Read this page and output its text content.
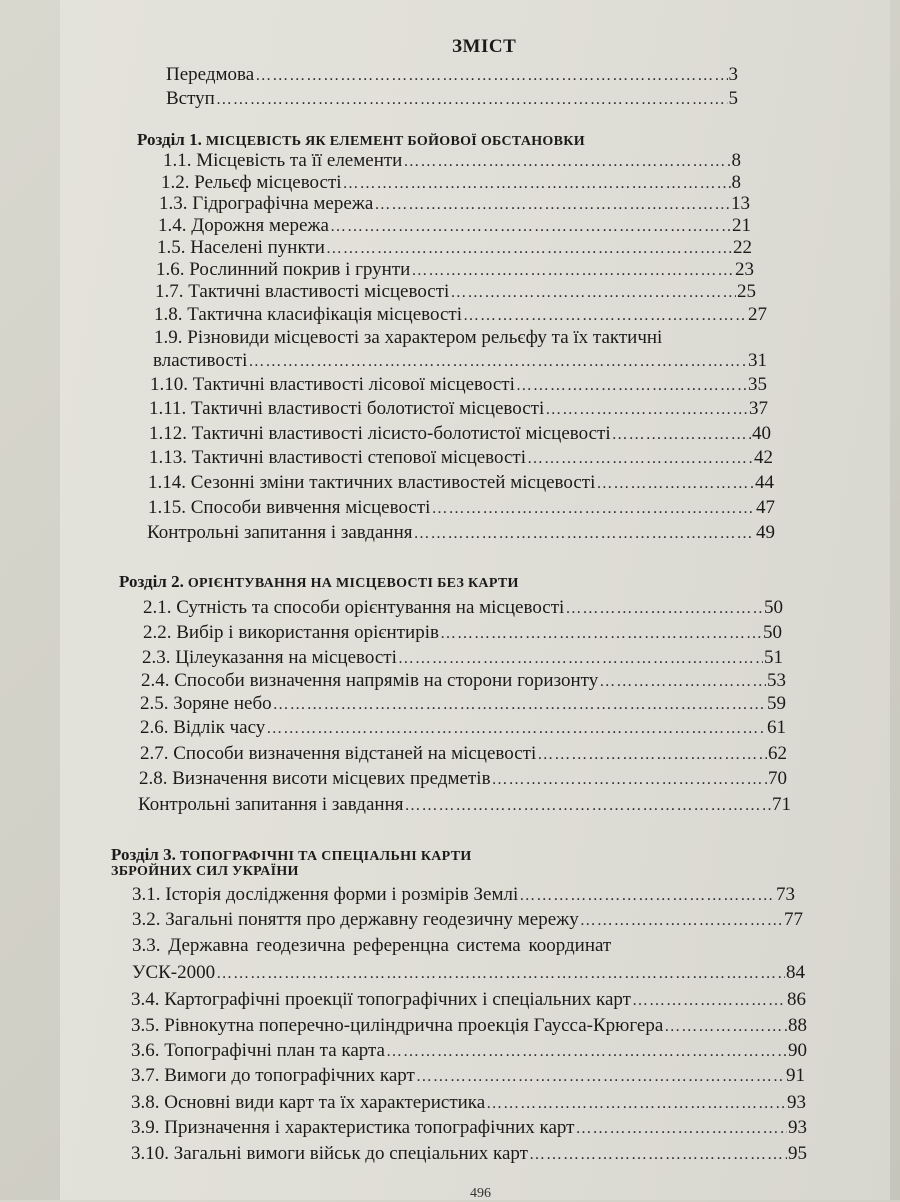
ЗМІСТ
Передмова ……………………………………………………………………………………………………………………………………………………………………………………	3
Вступ ……………………………………………………………………………………………………………………………………………………………………………………	5
Розділ 1. МІСЦЕВІСТЬ ЯК ЕЛЕМЕНТ БОЙОВОЇ ОБСТАНОВКИ
1.1. Місцевість та її елементи ……………………………………………………………………………………………………………………………………………………………………………………	8
1.2. Рельєф місцевості ……………………………………………………………………………………………………………………………………………………………………………………	8
1.3. Гідрографічна мережа ……………………………………………………………………………………………………………………………………………………………………………………	13
1.4. Дорожня мережа ……………………………………………………………………………………………………………………………………………………………………………………	21
1.5. Населені пункти ……………………………………………………………………………………………………………………………………………………………………………………	22
1.6. Рослинний покрив і грунти ……………………………………………………………………………………………………………………………………………………………………………………	23
1.7. Тактичні властивості місцевості ……………………………………………………………………………………………………………………………………………………………………………………	25
1.8. Тактична класифікація місцевості ……………………………………………………………………………………………………………………………………………………………………………………	27
1.9. Різновиди місцевості за характером рельєфу та їх тактичні
властивості ……………………………………………………………………………………………………………………………………………………………………………………	31
1.10. Тактичні властивості лісової місцевості ……………………………………………………………………………………………………………………………………………………………………………………	35
1.11. Тактичні властивості болотистої місцевості ……………………………………………………………………………………………………………………………………………………………………………………	37
1.12. Тактичні властивості лісисто-болотистої місцевості ……………………………………………………………………………………………………………………………………………………………………………………	40
1.13. Тактичні властивості степової місцевості ……………………………………………………………………………………………………………………………………………………………………………………	42
1.14. Сезонні зміни тактичних властивостей місцевості ……………………………………………………………………………………………………………………………………………………………………………………	44
1.15. Способи вивчення місцевості ……………………………………………………………………………………………………………………………………………………………………………………	47
Контрольні запитання і завдання ……………………………………………………………………………………………………………………………………………………………………………………	49
Розділ 2. ОРІЄНТУВАННЯ НА МІСЦЕВОСТІ БЕЗ КАРТИ
2.1. Сутність та способи орієнтування на місцевості ……………………………………………………………………………………………………………………………………………………………………………………	50
2.2. Вибір і використання орієнтирів ……………………………………………………………………………………………………………………………………………………………………………………	50
2.3. Цілеуказання на місцевості ……………………………………………………………………………………………………………………………………………………………………………………	51
2.4. Способи визначення напрямів на сторони горизонту ……………………………………………………………………………………………………………………………………………………………………………………	53
2.5. Зоряне небо ……………………………………………………………………………………………………………………………………………………………………………………	59
2.6. Відлік часу ……………………………………………………………………………………………………………………………………………………………………………………	61
2.7. Способи визначення відстаней на місцевості ……………………………………………………………………………………………………………………………………………………………………………………	62
2.8. Визначення висоти місцевих предметів ……………………………………………………………………………………………………………………………………………………………………………………	70
Контрольні запитання і завдання ……………………………………………………………………………………………………………………………………………………………………………………	71
Розділ 3. ТОПОГРАФІЧНІ ТА СПЕЦІАЛЬНІ КАРТИ
ЗБРОЙНИХ СИЛ УКРАЇНИ
3.1. Історія дослідження форми і розмірів Землі ……………………………………………………………………………………………………………………………………………………………………………………	73
3.2. Загальні поняття про державну геодезичну мережу ……………………………………………………………………………………………………………………………………………………………………………………	77
3.3. Державна геодезична референцна система координат
УСК-2000 ……………………………………………………………………………………………………………………………………………………………………………………	84
3.4. Картографічні проекції топографічних і спеціальних карт ……………………………………………………………………………………………………………………………………………………………………………………	86
3.5. Рівнокутна поперечно-циліндрична проекція Гаусса-Крюгера ……………………………………………………………………………………………………………………………………………………………………………………	88
3.6. Топографічні план та карта ……………………………………………………………………………………………………………………………………………………………………………………	90
3.7. Вимоги до топографічних карт ……………………………………………………………………………………………………………………………………………………………………………………	91
3.8. Основні види карт та їх характеристика ……………………………………………………………………………………………………………………………………………………………………………………	93
3.9. Призначення і характеристика топографічних карт ……………………………………………………………………………………………………………………………………………………………………………………	93
3.10. Загальні вимоги військ до спеціальних карт ……………………………………………………………………………………………………………………………………………………………………………………	95
496
